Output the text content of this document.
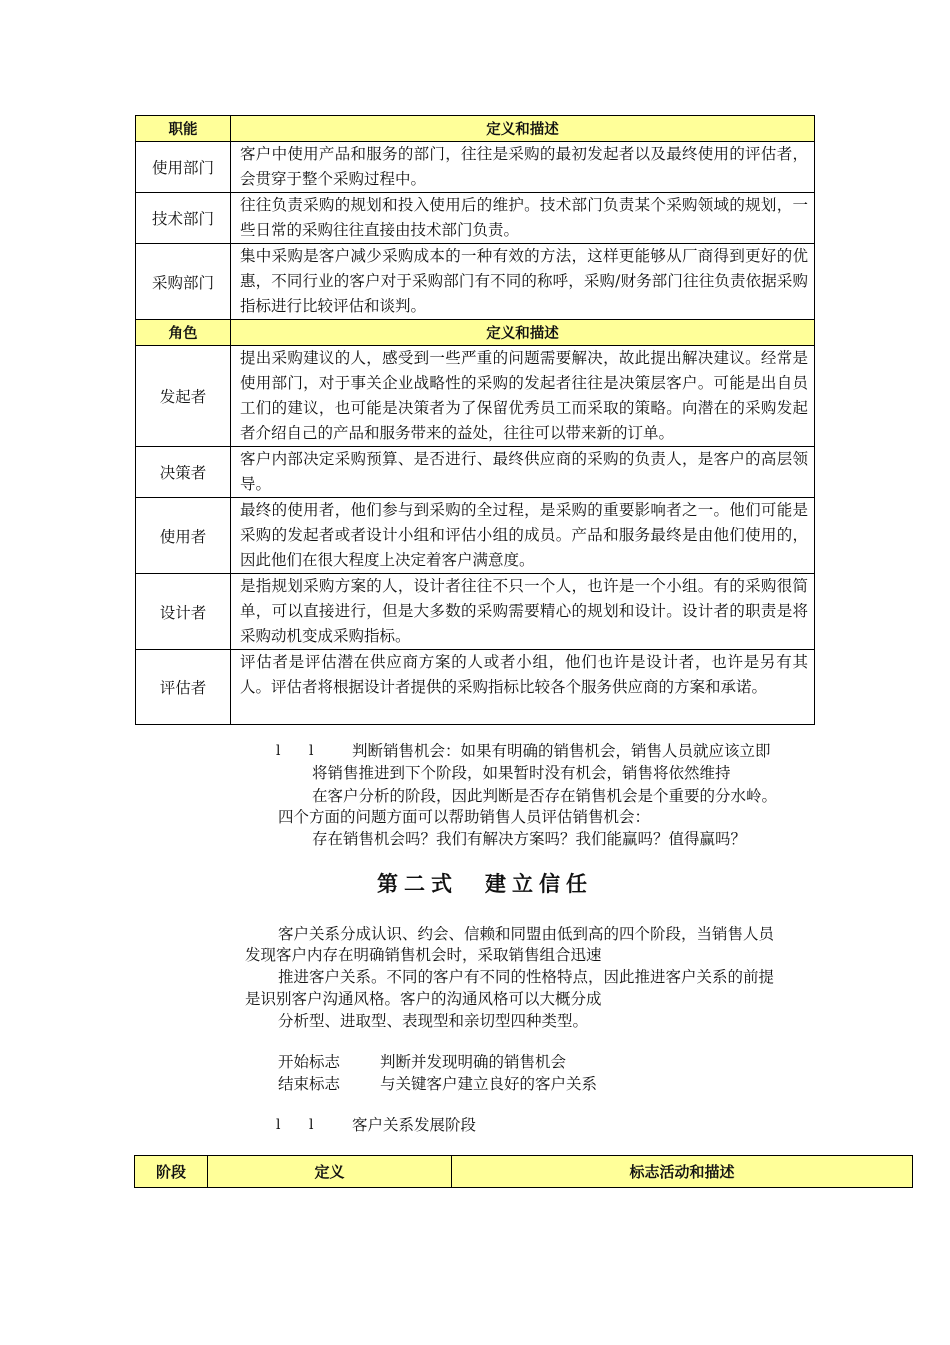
职能	定义和描述
使用部门	客户中使用产品和服务的部门，往往是采购的最初发起者以及最终使用的评估者，会贯穿于整个采购过程中。
技术部门	往往负责采购的规划和投入使用后的维护。技术部门负责某个采购领域的规划，一些日常的采购往往直接由技术部门负责。
采购部门	集中采购是客户减少采购成本的一种有效的方法，这样更能够从厂商得到更好的优惠，不同行业的客户对于采购部门有不同的称呼，采购/财务部门往往负责依据采购指标进行比较评估和谈判。
角色	定义和描述
发起者	提出采购建议的人，感受到一些严重的问题需要解决，故此提出解决建议。经常是使用部门，对于事关企业战略性的采购的发起者往往是决策层客户。可能是出自员工们的建议，也可能是决策者为了保留优秀员工而采取的策略。向潜在的采购发起者介绍自己的产品和服务带来的益处，往往可以带来新的订单。
决策者	客户内部决定采购预算、是否进行、最终供应商的采购的负责人，是客户的高层领导。
使用者	最终的使用者，他们参与到采购的全过程，是采购的重要影响者之一。他们可能是采购的发起者或者设计小组和评估小组的成员。产品和服务最终是由他们使用的，因此他们在很大程度上决定着客户满意度。
设计者	是指规划采购方案的人，设计者往往不只一个人，也许是一个小组。有的采购很简单，可以直接进行，但是大多数的采购需要精心的规划和设计。设计者的职责是将采购动机变成采购指标。
评估者	评估者是评估潜在供应商方案的人或者小组，他们也许是设计者，也许是另有其人。评估者将根据设计者提供的采购指标比较各个服务供应商的方案和承诺。
l l 判断销售机会：如果有明确的销售机会，销售人员就应该立即
将销售推进到下个阶段，如果暂时没有机会，销售将依然维持
在客户分析的阶段，因此判断是否存在销售机会是个重要的分水岭。
四个方面的问题方面可以帮助销售人员评估销售机会：
存在销售机会吗？我们有解决方案吗？我们能赢吗？值得赢吗？
第二式　建立信任
客户关系分成认识、约会、信赖和同盟由低到高的四个阶段，当销售人员
发现客户内存在明确销售机会时，采取销售组合迅速
推进客户关系。不同的客户有不同的性格特点，因此推进客户关系的前提
是识别客户沟通风格。客户的沟通风格可以大概分成
分析型、进取型、表现型和亲切型四种类型。
开始标志	判断并发现明确的销售机会
结束标志	与关键客户建立良好的客户关系
l l 客户关系发展阶段
阶段	定义	标志活动和描述
